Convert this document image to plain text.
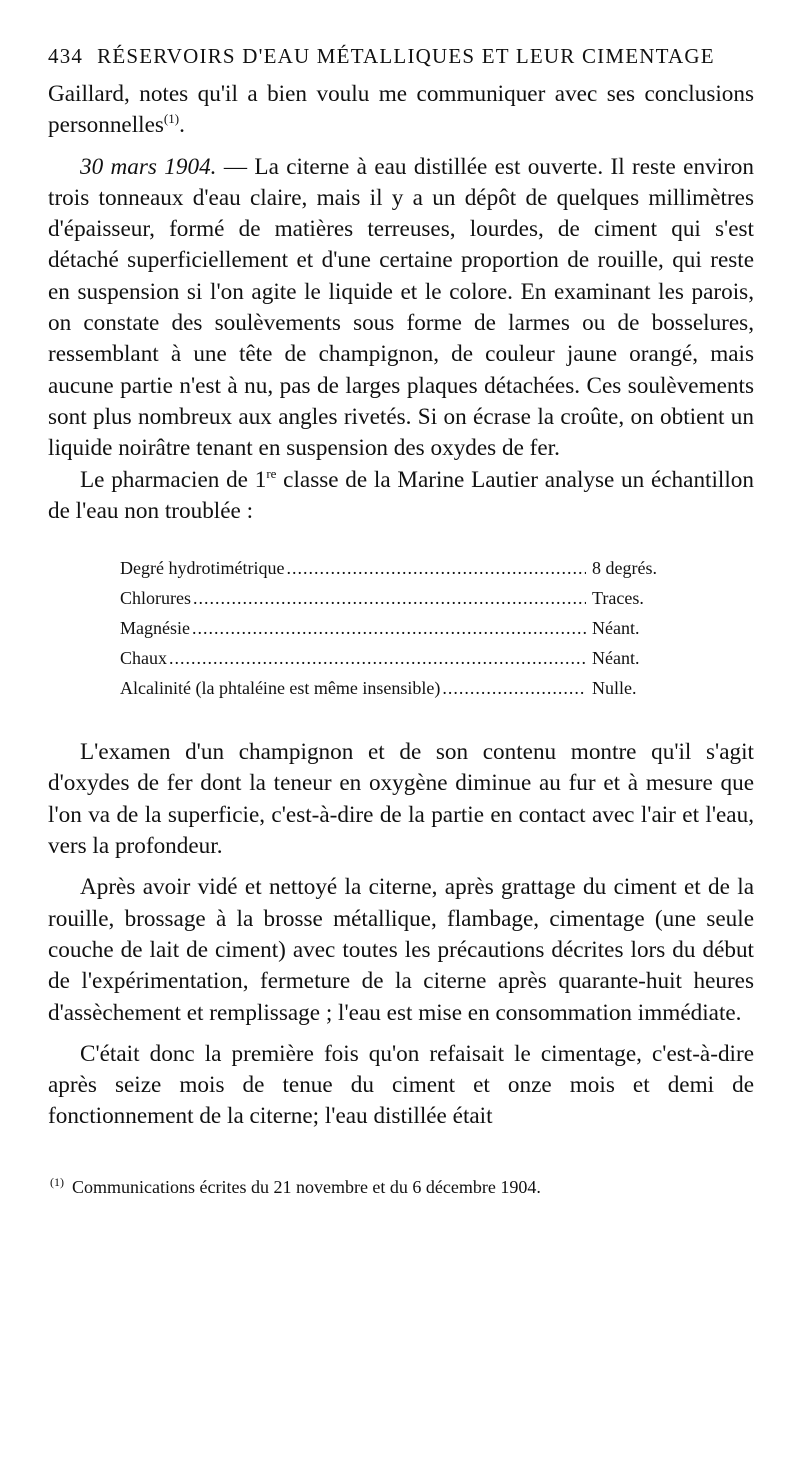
434 RÉSERVOIRS D'EAU MÉTALLIQUES ET LEUR CIMENTAGE

Gaillard, notes qu'il a bien voulu me communiquer avec ses conclusions personnelles$^{(1)}$.

30 mars 1904. — La citerne à eau distillée est ouverte. Il reste environ trois tonneaux d'eau claire, mais il y a un dépôt de quelques millimètres d'épaisseur, formé de matières terreuses, lourdes, de ciment qui s'est détaché superficiellement et d'une certaine proportion de rouille, qui reste en suspension si l'on agite le liquide et le colore. En examinant les parois, on constate des soulèvements sous forme de larmes ou de bosselures, ressemblant à une tête de champignon, de couleur jaune orangé, mais aucune partie n'est à nu, pas de larges plaques détachées. Ces soulèvements sont plus nombreux aux angles rivetés. Si on écrase la croûte, on obtient un liquide noirâtre tenant en suspension des oxydes de fer.

Le pharmacien de 1re classe de la Marine Lautier analyse un échantillon de l'eau non troublée :

Degré hydrotimétrique .....	8 degrés.
Chlorures .....	Traces.
Magnésie .....	Néant.
Chaux .....	Néant.
Alcalinité (la phtaléine est même insensible) .....	Nulle.

L'examen d'un champignon et de son contenu montre qu'il s'agit d'oxydes de fer dont la teneur en oxygène diminue au fur et à mesure que l'on va de la superficie, c'est-à-dire de la partie en contact avec l'air et l'eau, vers la profondeur.

Après avoir vidé et nettoyé la citerne, après grattage du ciment et de la rouille, brossage à la brosse métallique, flambage, cimentage (une seule couche de lait de ciment) avec toutes les précautions décrites lors du début de l'expérimentation, fermeture de la citerne après quarante-huit heures d'assèchement et remplissage ; l'eau est mise en consommation immédiate.

C'était donc la première fois qu'on refaisait le cimentage, c'est-à-dire après seize mois de tenue du ciment et onze mois et demi de fonctionnement de la citerne; l'eau distillée était

$^{(1)}$ Communications écrites du 21 novembre et du 6 décembre 1904.
